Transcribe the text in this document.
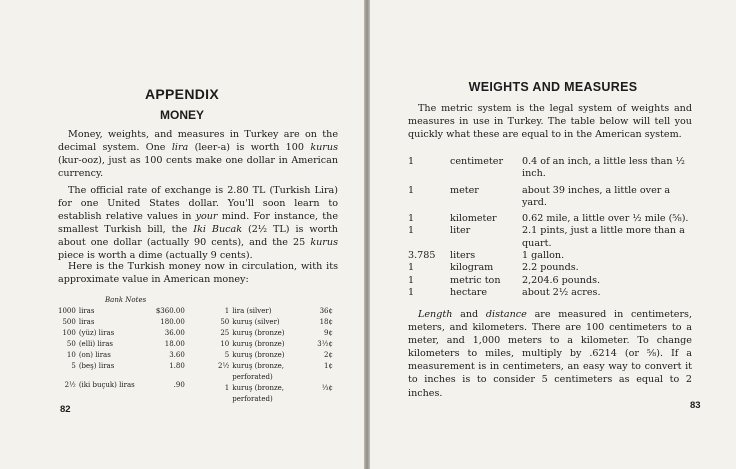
APPENDIX
MONEY
Money, weights, and measures in Turkey are on the decimal system. One lira (leer-a) is worth 100 kurus (kur-ooz), just as 100 cents make one dollar in American currency.
The official rate of exchange is 2.80 TL (Turkish Lira) for one United States dollar. You'll soon learn to establish relative values in your mind. For instance, the smallest Turkish bill, the Iki Bucak (2½ TL) is worth about one dollar (actually 90 cents), and the 25 kurus piece is worth a dime (actually 9 cents).
Here is the Turkish money now in circulation, with its approximate value in American money:
Bank Notes
1000	liras	$360.00
500	liras	180.00
100	(yüz) liras	36.00
50	(elli) liras	18.00
10	(on) liras	3.60
5	(beş) liras	1.80

2½	(iki buçuk) liras	.90
1	lira (silver)	36¢
50	kuruş (silver)	18¢
25	kuruş (bronze)	9¢
10	kuruş (bronze)	3½¢
5	kuruş (bronze)	2¢
2½	kuruş (bronze, perforated)	1¢
1	kuruş (bronze, perforated)	⅓¢
82
WEIGHTS AND MEASURES
The metric system is the legal system of weights and measures in use in Turkey. The table below will tell you quickly what these are equal to in the American system.
1	centimeter	0.4 of an inch, a little less than ½ inch.
1	meter	about 39 inches, a little over a yard.
1	kilometer	0.62 mile, a little over ½ mile (⅝).
1	liter	2.1 pints, just a little more than a quart.
3.785	liters	1 gallon.
1	kilogram	2.2 pounds.
1	metric ton	2,204.6 pounds.
1	hectare	about 2½ acres.
Length and distance are measured in centimeters, meters, and kilometers. There are 100 centimeters to a meter, and 1,000 meters to a kilometer. To change kilometers to miles, multiply by .6214 (or ⅝). If a measurement is in centimeters, an easy way to convert it to inches is to consider 5 centimeters as equal to 2 inches.
83
